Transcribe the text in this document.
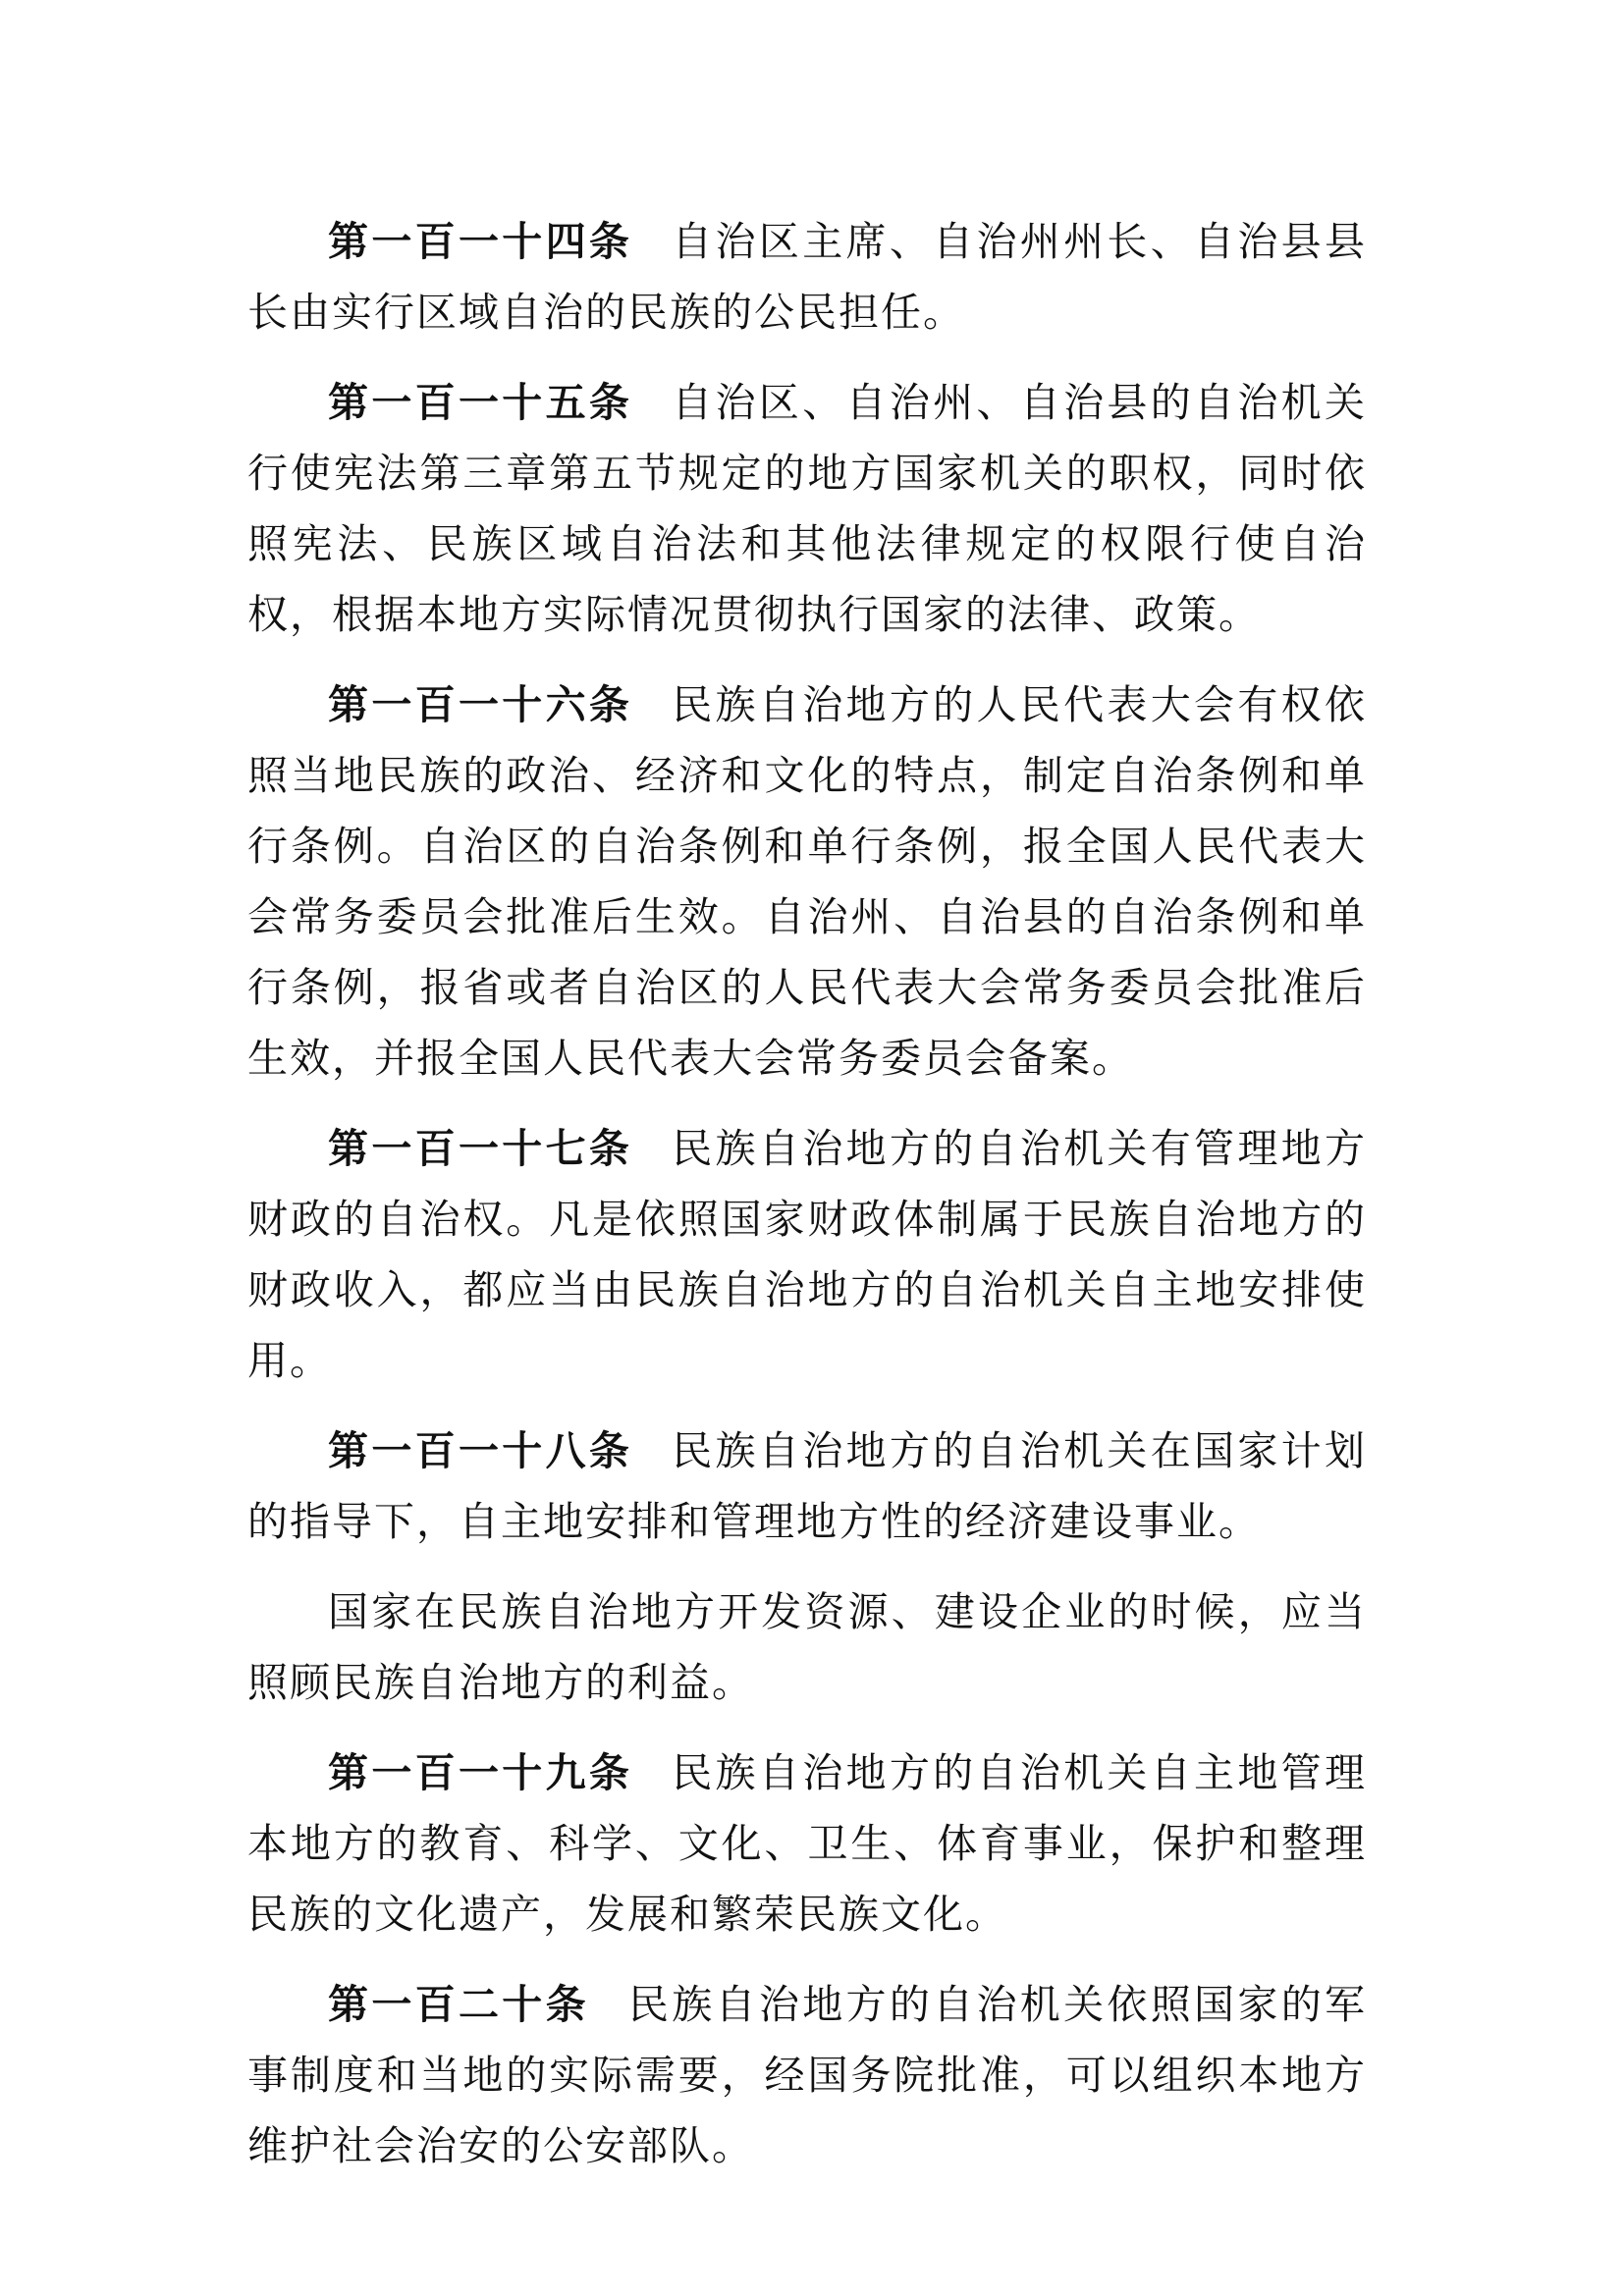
第一百一十四条 自治区主席、自治州州长、自治县县长由实行区域自治的民族的公民担任。

第一百一十五条 自治区、自治州、自治县的自治机关行使宪法第三章第五节规定的地方国家机关的职权，同时依照宪法、民族区域自治法和其他法律规定的权限行使自治权，根据本地方实际情况贯彻执行国家的法律、政策。

第一百一十六条 民族自治地方的人民代表大会有权依照当地民族的政治、经济和文化的特点，制定自治条例和单行条例。自治区的自治条例和单行条例，报全国人民代表大会常务委员会批准后生效。自治州、自治县的自治条例和单行条例，报省或者自治区的人民代表大会常务委员会批准后生效，并报全国人民代表大会常务委员会备案。

第一百一十七条 民族自治地方的自治机关有管理地方财政的自治权。凡是依照国家财政体制属于民族自治地方的财政收入，都应当由民族自治地方的自治机关自主地安排使用。

第一百一十八条 民族自治地方的自治机关在国家计划的指导下，自主地安排和管理地方性的经济建设事业。

国家在民族自治地方开发资源、建设企业的时候，应当照顾民族自治地方的利益。

第一百一十九条 民族自治地方的自治机关自主地管理本地方的教育、科学、文化、卫生、体育事业，保护和整理民族的文化遗产，发展和繁荣民族文化。

第一百二十条 民族自治地方的自治机关依照国家的军事制度和当地的实际需要，经国务院批准，可以组织本地方维护社会治安的公安部队。
